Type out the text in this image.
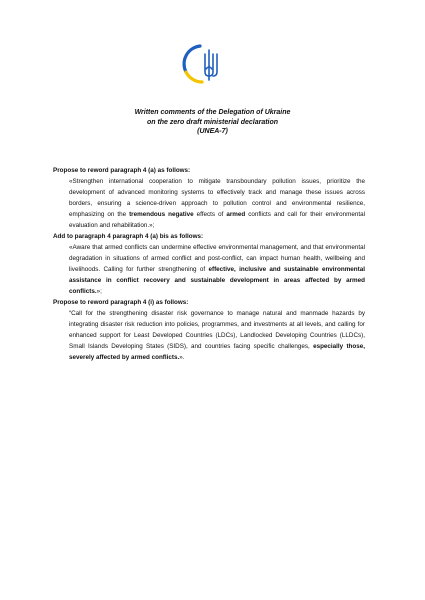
Written comments of the Delegation of Ukraine
on the zero draft ministerial declaration
(UNEA-7)

Propose to reword paragraph 4 (a) as follows:

«Strengthen international cooperation to mitigate transboundary pollution issues, prioritize the development of advanced monitoring systems to effectively track and manage these issues across borders, ensuring a science-driven approach to pollution control and environmental resilience, emphasizing on the tremendous negative effects of armed conflicts and call for their environmental evaluation and rehabilitation.»;

Add to paragraph 4 paragraph 4 (a) bis as follows:

«Aware that armed conflicts can undermine effective environmental management, and that environmental degradation in situations of armed conflict and post-conflict, can impact human health, wellbeing and livelihoods. Calling for further strengthening of effective, inclusive and sustainable environmental assistance in conflict recovery and sustainable development in areas affected by armed conflicts.»;

Propose to reword paragraph 4 (i) as follows:

“Call for the strengthening disaster risk governance to manage natural and manmade hazards by integrating disaster risk reduction into policies, programmes, and investments at all levels, and calling for enhanced support for Least Developed Countries (LDCs), Landlocked Developing Countries (LLDCs), Small Islands Developing States (SIDS), and countries facing specific challenges, especially those, severely affected by armed conflicts.».
